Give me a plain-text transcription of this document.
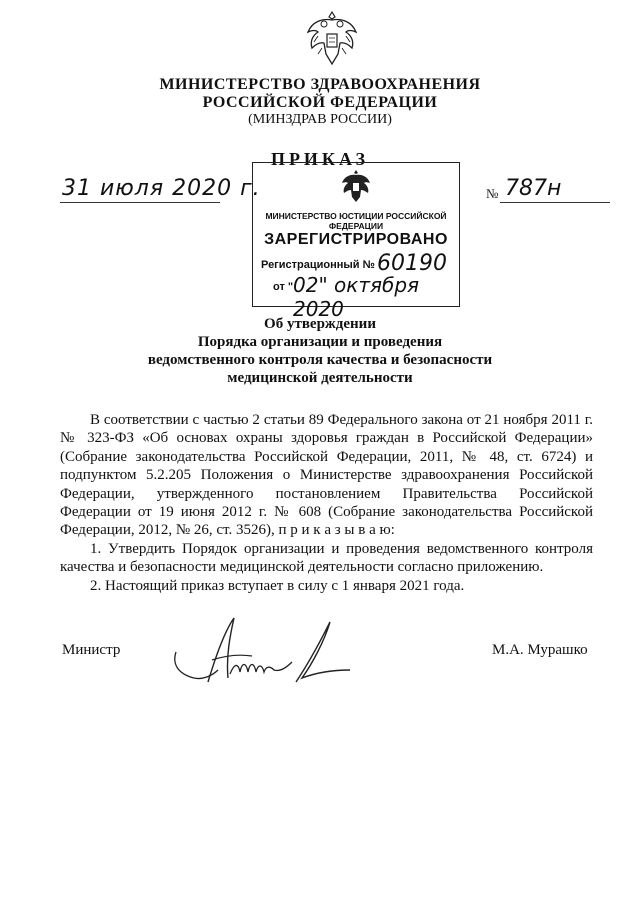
МИНИСТЕРСТВО ЗДРАВООХРАНЕНИЯ
РОССИЙСКОЙ ФЕДЕРАЦИИ
(МИНЗДРАВ РОССИИ)
ПРИКАЗ
31 июля 2020 г.	№ 787н
МИНИСТЕРСТВО ЮСТИЦИИ РОССИЙСКОЙ ФЕДЕРАЦИИ
ЗАРЕГИСТРИРОВАНО
Регистрационный № 60190
от " 02" октября 2020
Об утверждении
Порядка организации и проведения
ведомственного контроля качества и безопасности
медицинской деятельности
В соответствии с частью 2 статьи 89 Федерального закона от 21 ноября 2011 г. № 323-ФЗ «Об основах охраны здоровья граждан в Российской Федерации» (Собрание законодательства Российской Федерации, 2011, № 48, ст. 6724) и подпунктом 5.2.205 Положения о Министерстве здравоохранения Российской Федерации, утвержденного постановлением Правительства Российской Федерации от 19 июня 2012 г. № 608 (Собрание законодательства Российской Федерации, 2012, № 26, ст. 3526), п р и к а з ы в а ю:
1. Утвердить Порядок организации и проведения ведомственного контроля качества и безопасности медицинской деятельности согласно приложению.
2. Настоящий приказ вступает в силу с 1 января 2021 года.
Министр	М.А. Мурашко
